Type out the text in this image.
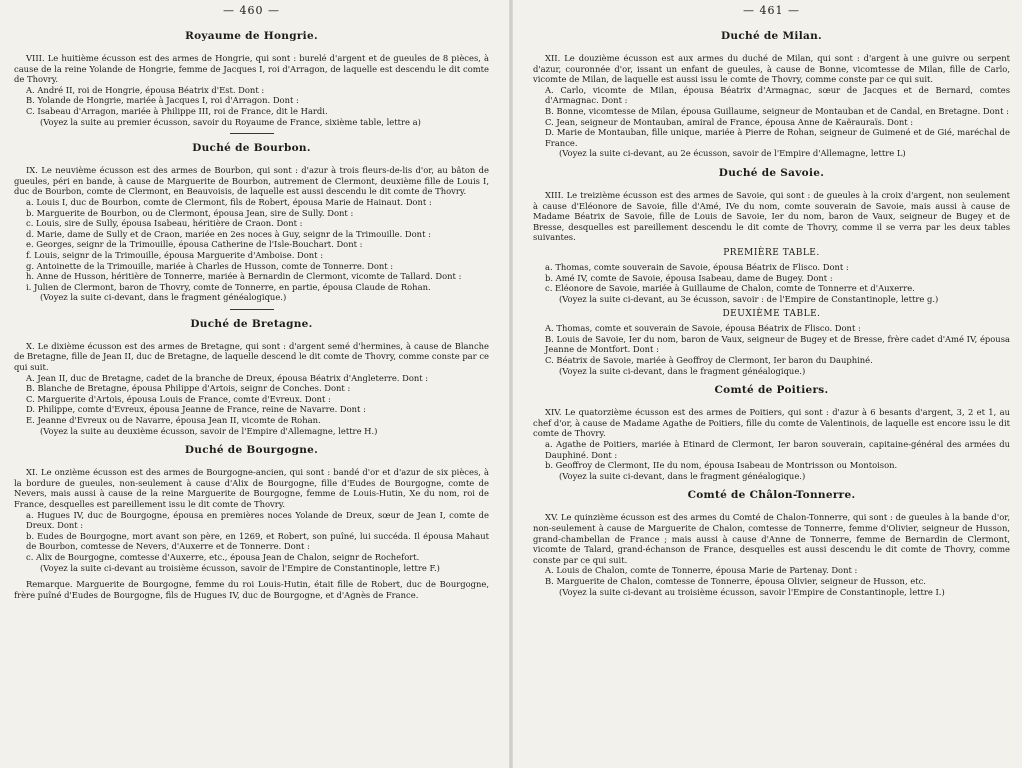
— 460 —
Royaume de Hongrie.

VIII. Le huitième écusson est des armes de Hongrie, qui sont : burelé d'argent et de gueules de 8 pièces, à cause de la reine Yolande de Hongrie, femme de Jacques I, roi d'Arragon, de laquelle est descendu le dit comte de Thovry.

A. André II, roi de Hongrie, épousa Béatrix d'Est. Dont :

B. Yolande de Hongrie, mariée à Jacques I, roi d'Arragon. Dont :

C. Isabeau d'Arragon, mariée à Philippe III, roi de France, dit le Hardi.

(Voyez la suite au premier écusson, savoir du Royaume de France, sixième table, lettre a)

Duché de Bourbon.

IX. Le neuvième écusson est des armes de Bourbon, qui sont : d'azur à trois fleurs-de-lis d'or, au bâton de gueules, péri en bande, à cause de Marguerite de Bourbon, autrement de Clermont, deuxième fille de Louis I, duc de Bourbon, comte de Clermont, en Beauvoisis, de laquelle est aussi descendu le dit comte de Thovry.

a. Louis I, duc de Bourbon, comte de Clermont, fils de Robert, épousa Marie de Hainaut. Dont :

b. Marguerite de Bourbon, ou de Clermont, épousa Jean, sire de Sully. Dont :

c. Louis, sire de Sully, épousa Isabeau, héritière de Craon. Dont :

d. Marie, dame de Sully et de Craon, mariée en 2es noces à Guy, seignr de la Trimouille. Dont :

e. Georges, seignr de la Trimouille, épousa Catherine de l'Isle-Bouchart. Dont :

f. Louis, seignr de la Trimouille, épousa Marguerite d'Amboise. Dont :

g. Antoinette de la Trimouille, mariée à Charles de Husson, comte de Tonnerre. Dont :

h. Anne de Husson, héritière de Tonnerre, mariée à Bernardin de Clermont, vicomte de Tallard. Dont :

i. Julien de Clermont, baron de Thovry, comte de Tonnerre, en partie, épousa Claude de Rohan.

(Voyez la suite ci-devant, dans le fragment généalogique.)

Duché de Bretagne.

X. Le dixième écusson est des armes de Bretagne, qui sont : d'argent semé d'hermines, à cause de Blanche de Bretagne, fille de Jean II, duc de Bretagne, de laquelle descend le dit comte de Thovry, comme conste par ce qui suit.

A. Jean II, duc de Bretagne, cadet de la branche de Dreux, épousa Béatrix d'Angleterre. Dont :

B. Blanche de Bretagne, épousa Philippe d'Artois, seignr de Conches. Dont :

C. Marguerite d'Artois, épousa Louis de France, comte d'Evreux. Dont :

D. Philippe, comte d'Evreux, épousa Jeanne de France, reine de Navarre. Dont :

E. Jeanne d'Evreux ou de Navarre, épousa Jean II, vicomte de Rohan.

(Voyez la suite au deuxième écusson, savoir de l'Empire d'Allemagne, lettre H.)

Duché de Bourgogne.

XI. Le onzième écusson est des armes de Bourgogne-ancien, qui sont : bandé d'or et d'azur de six pièces, à la bordure de gueules, non-seulement à cause d'Alix de Bourgogne, fille d'Eudes de Bourgogne, comte de Nevers, mais aussi à cause de la reine Marguerite de Bourgogne, femme de Louis-Hutin, Xe du nom, roi de France, desquelles est pareillement issu le dit comte de Thovry.

a. Hugues IV, duc de Bourgogne, épousa en premières noces Yolande de Dreux, sœur de Jean I, comte de Dreux. Dont :

b. Eudes de Bourgogne, mort avant son père, en 1269, et Robert, son puîné, lui succéda. Il épousa Mahaut de Bourbon, comtesse de Nevers, d'Auxerre et de Tonnerre. Dont :

c. Alix de Bourgogne, comtesse d'Auxerre, etc., épousa Jean de Chalon, seignr de Rochefort.

(Voyez la suite ci-devant au troisième écusson, savoir de l'Empire de Constantinople, lettre F.)

Remarque. Marguerite de Bourgogne, femme du roi Louis-Hutin, était fille de Robert, duc de Bourgogne, frère puîné d'Eudes de Bourgogne, fils de Hugues IV, duc de Bourgogne, et d'Agnès de France.

— 461 —
Duché de Milan.

XII. Le douzième écusson est aux armes du duché de Milan, qui sont : d'argent à une guivre ou serpent d'azur, couronnée d'or, issant un enfant de gueules, à cause de Bonne, vicomtesse de Milan, fille de Carlo, vicomte de Milan, de laquelle est aussi issu le comte de Thovry, comme conste par ce qui suit.

A. Carlo, vicomte de Milan, épousa Béatrix d'Armagnac, sœur de Jacques et de Bernard, comtes d'Armagnac. Dont :

B. Bonne, vicomtesse de Milan, épousa Guillaume, seigneur de Montauban et de Candal, en Bretagne. Dont :

C. Jean, seigneur de Montauban, amiral de France, épousa Anne de Kaërauraïs. Dont :

D. Marie de Montauban, fille unique, mariée à Pierre de Rohan, seigneur de Guimené et de Gié, maréchal de France.

(Voyez la suite ci-devant, au 2e écusson, savoir de l'Empire d'Allemagne, lettre L)

Duché de Savoie.

XIII. Le treizième écusson est des armes de Savoie, qui sont : de gueules à la croix d'argent, non seulement à cause d'Eléonore de Savoie, fille d'Amé, IVe du nom, comte souverain de Savoie, mais aussi à cause de Madame Béatrix de Savoie, fille de Louis de Savoie, Ier du nom, baron de Vaux, seigneur de Bugey et de Bresse, desquelles est pareillement descendu le dit comte de Thovry, comme il se verra par les deux tables suivantes.

PREMIÈRE TABLE.

a. Thomas, comte souverain de Savoie, épousa Béatrix de Flisco. Dont :

b. Amé IV, comte de Savoie, épousa Isabeau, dame de Bugey. Dont :

c. Eléonore de Savoie, mariée à Guillaume de Chalon, comte de Tonnerre et d'Auxerre.

(Voyez la suite ci-devant, au 3e écusson, savoir : de l'Empire de Constantinople, lettre g.)

DEUXIÈME TABLE.

A. Thomas, comte et souverain de Savoie, épousa Béatrix de Flisco. Dont :

B. Louis de Savoie, Ier du nom, baron de Vaux, seigneur de Bugey et de Bresse, frère cadet d'Amé IV, épousa Jeanne de Montfort. Dont :

C. Béatrix de Savoie, mariée à Geoffroy de Clermont, Ier baron du Dauphiné.

(Voyez la suite ci-devant, dans le fragment généalogique.)

Comté de Poitiers.

XIV. Le quatorzième écusson est des armes de Poitiers, qui sont : d'azur à 6 besants d'argent, 3, 2 et 1, au chef d'or, à cause de Madame Agathe de Poitiers, fille du comte de Valentinois, de laquelle est encore issu le dit comte de Thovry.

a. Agathe de Poitiers, mariée à Etinard de Clermont, Ier baron souverain, capitaine-général des armées du Dauphiné. Dont :

b. Geoffroy de Clermont, IIe du nom, épousa Isabeau de Montrisson ou Montoison.

(Voyez la suite ci-devant, dans le fragment généalogique.)

Comté de Châlon-Tonnerre.

XV. Le quinzième écusson est des armes du Comté de Chalon-Tonnerre, qui sont : de gueules à la bande d'or, non-seulement à cause de Marguerite de Chalon, comtesse de Tonnerre, femme d'Olivier, seigneur de Husson, grand-chambellan de France ; mais aussi à cause d'Anne de Tonnerre, femme de Bernardin de Clermont, vicomte de Talard, grand-échanson de France, desquelles est aussi descendu le dit comte de Thovry, comme conste par ce qui suit.

A. Louis de Chalon, comte de Tonnerre, épousa Marie de Partenay. Dont :

B. Marguerite de Chalon, comtesse de Tonnerre, épousa Olivier, seigneur de Husson, etc.

(Voyez la suite ci-devant au troisième écusson, savoir l'Empire de Constantinople, lettre I.)
